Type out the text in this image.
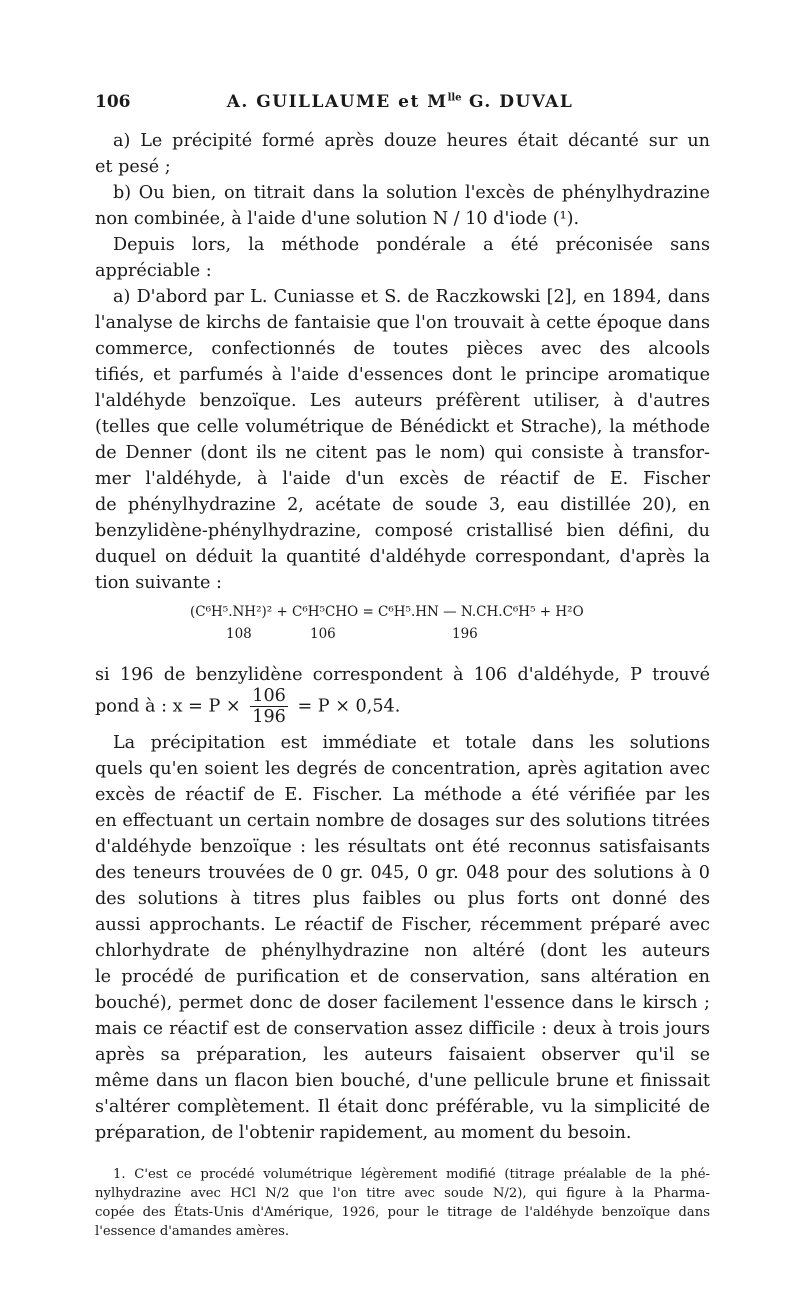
106	A. GUILLAUME et $M^{lle}$ G. DUVAL
a) Le précipité formé après douze heures était décanté sur un
et pesé ;
b) Ou bien, on titrait dans la solution l'excès de phénylhydrazine
non combinée, à l'aide d'une solution N / 10 d'iode (¹).
Depuis lors, la méthode pondérale a été préconisée sans
appréciable :
a) D'abord par L. Cuniasse et S. de Raczkowski [2], en 1894, dans
l'analyse de kirchs de fantaisie que l'on trouvait à cette époque dans
commerce, confectionnés de toutes pièces avec des alcools
tifiés, et parfumés à l'aide d'essences dont le principe aromatique
l'aldéhyde benzoïque. Les auteurs préfèrent utiliser, à d'autres
(telles que celle volumétrique de Bénédickt et Strache), la méthode
de Denner (dont ils ne citent pas le nom) qui consiste à transfor-
mer l'aldéhyde, à l'aide d'un excès de réactif de E. Fischer
de phénylhydrazine 2, acétate de soude 3, eau distillée 20), en
benzylidène-phénylhydrazine, composé cristallisé bien défini, du
duquel on déduit la quantité d'aldéhyde correspondant, d'après la
tion suivante :
(C⁶H⁵.NH²)² + C⁶H⁵CHO = C⁶H⁵.HN — N.CH.C⁶H⁵ + H²O
108	106	196
si 196 de benzylidène correspondent à 106 d'aldéhyde, P trouvé
pond à : $x = P \times \frac{106}{196} = P \times 0,54$.
La précipitation est immédiate et totale dans les solutions
quels qu'en soient les degrés de concentration, après agitation avec
excès de réactif de E. Fischer. La méthode a été vérifiée par les
en effectuant un certain nombre de dosages sur des solutions titrées
d'aldéhyde benzoïque : les résultats ont été reconnus satisfaisants
des teneurs trouvées de 0 gr. 045, 0 gr. 048 pour des solutions à 0
des solutions à titres plus faibles ou plus forts ont donné des
aussi approchants. Le réactif de Fischer, récemment préparé avec
chlorhydrate de phénylhydrazine non altéré (dont les auteurs
le procédé de purification et de conservation, sans altération en
bouché), permet donc de doser facilement l'essence dans le kirsch ;
mais ce réactif est de conservation assez difficile : deux à trois jours
après sa préparation, les auteurs faisaient observer qu'il se
même dans un flacon bien bouché, d'une pellicule brune et finissait
s'altérer complètement. Il était donc préférable, vu la simplicité de
préparation, de l'obtenir rapidement, au moment du besoin.
1. C'est ce procédé volumétrique légèrement modifié (titrage préalable de la phé-
nylhydrazine avec HCl N/2 que l'on titre avec soude N/2), qui figure à la Pharma-
copée des États-Unis d'Amérique, 1926, pour le titrage de l'aldéhyde benzoïque dans
l'essence d'amandes amères.
